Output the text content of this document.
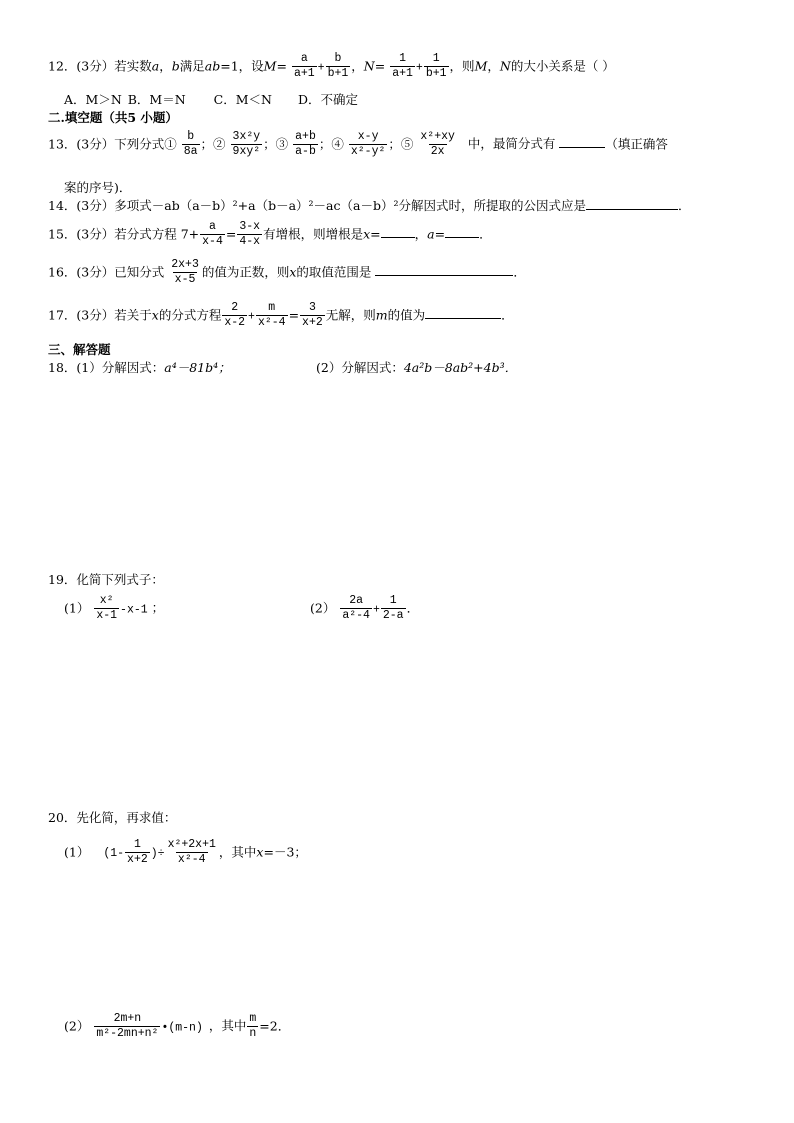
12．(3分）若实数a，b满足ab=1，设$M= \frac{a}{a+1} + \frac{b}{b+1}$ ，$N= \frac{1}{a+1} + \frac{1}{b+1}$ ，则M，N的大小关系是（ ）
A．M＞N B．M＝N C．M＜N D．不确定
二.填空题（共5 小题）
13．(3分）下列分式① $\frac{b}{8a}$ ；② $\frac{\text{3x²y}}{\text{9xy²}}$ ；③ $\frac{a+b}{a-b}$ ；④ $\frac{x-y}{\text{x²-y²}}$ ；⑤ $\frac{\text{x²+xy}}{2x}$ 中，最简分式有	（填正确答
案的序号)．
14．(3分）多项式－ab（a－b）²+a（b－a）²－ac（a－b）²分解因式时，所提取的公因式应是	．
15．(3分）若分式方程 $7+ \frac{a}{x-4} = \frac{3-x}{4-x}$ 有增根，则增根是x=	，a=	．
16．(3分）已知分式 $\frac{2x+3}{x-5}$ 的值为正数，则x的取值范围是	．
17．(3分）若关于x的分式方程 $\frac{2}{x-2} + \frac{m}{\text{x²-4}} = \frac{3}{x+2}$ 无解，则m的值为	．
三、解答题
18．(1）分解因式：a⁴－81b⁴；	(2）分解因式：4a²b－8ab²+4b³．
19．化简下列式子：
$(1) \frac{\text{x²}}{x-1} -x-1$ ；	$(2) \frac{2a}{\text{a²-4}} + \frac{1}{2-a}$ ．
20．先化简，再求值：
(1） ($1- \frac{1}{x+2}$ )÷ $\frac{\text{x²+2x+1}}{\text{x²-4}}$ ，其中x=－3；
$(2) \frac{2m+n}{\text{m²-2mn+n²}}$ •(m-n) ，其中 $\frac{m}{n} =2$．
